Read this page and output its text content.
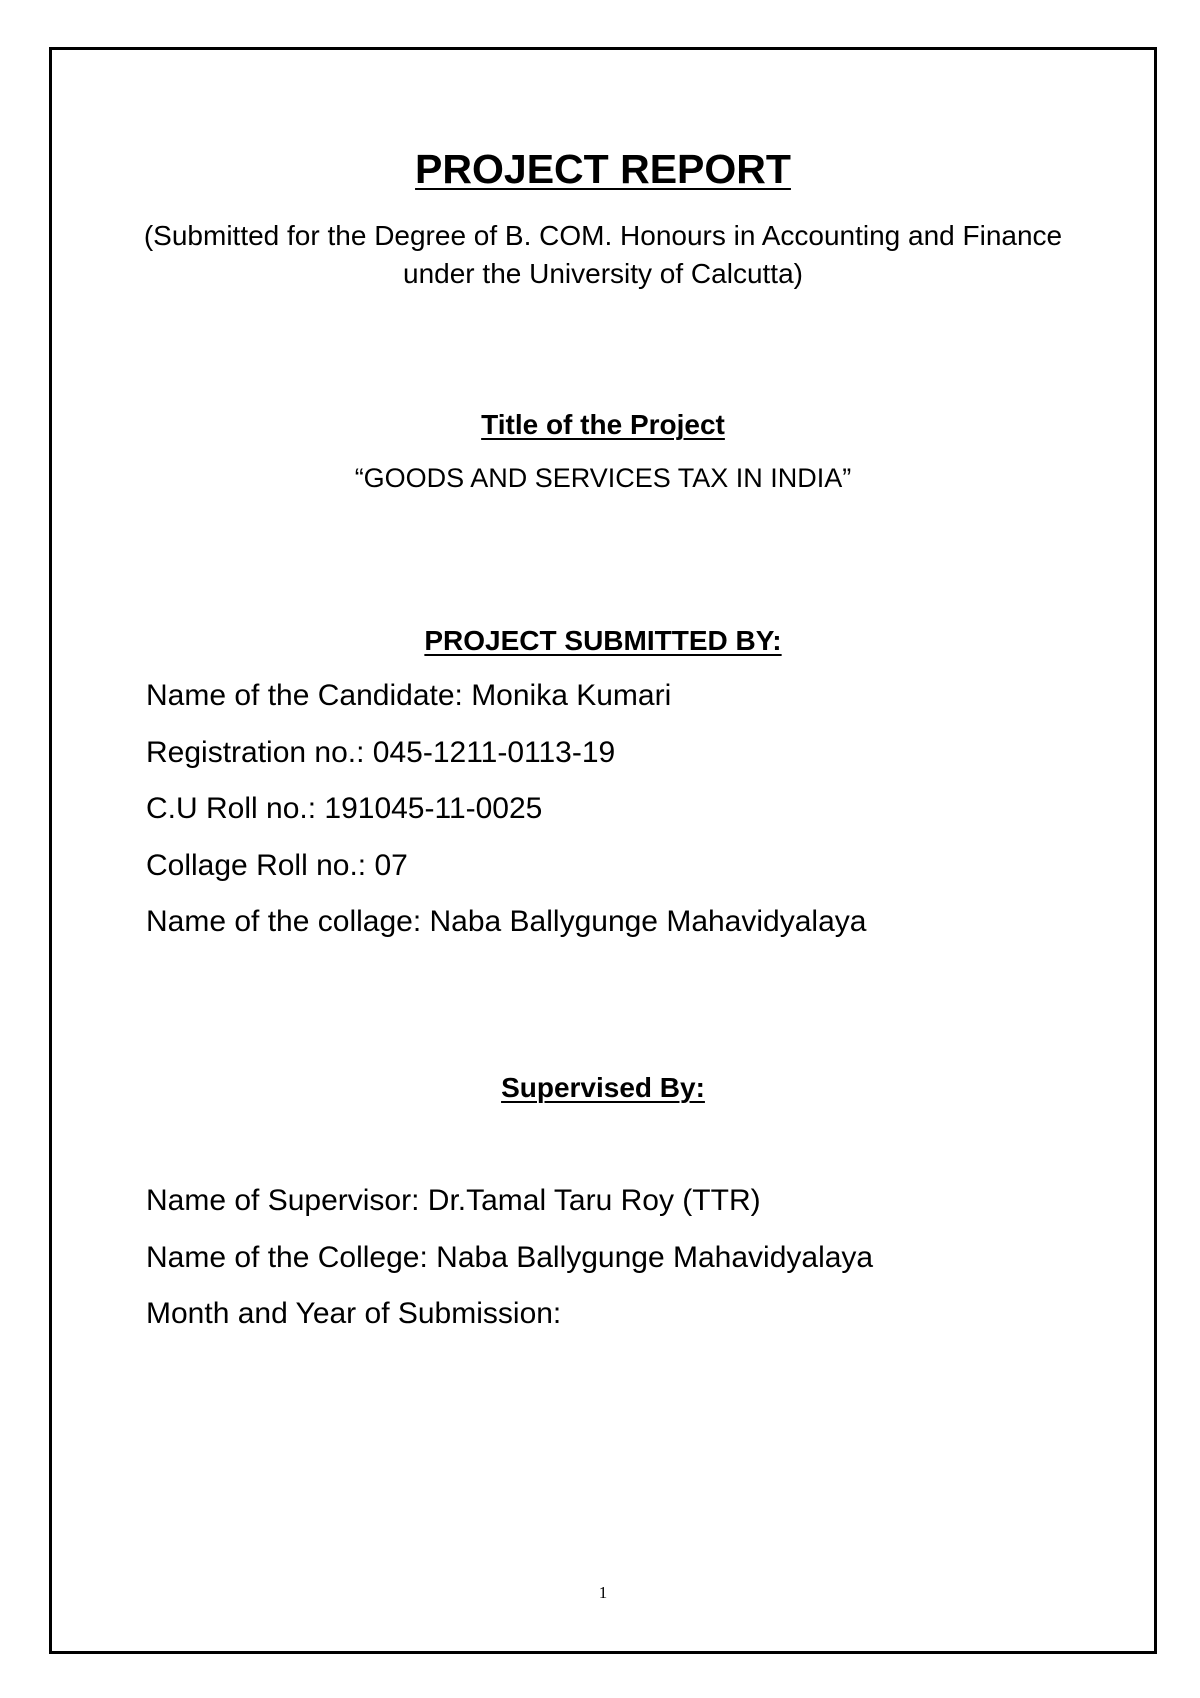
PROJECT REPORT

(Submitted for the Degree of B. COM. Honours in Accounting and Finance under the University of Calcutta)

Title of the Project

“GOODS AND SERVICES TAX IN INDIA”

PROJECT SUBMITTED BY:
Name of the Candidate: Monika Kumari
Registration no.: 045-1211-0113-19
C.U Roll no.: 191045-11-0025
Collage Roll no.: 07
Name of the collage: Naba Ballygunge Mahavidyalaya
Supervised By:
Name of Supervisor: Dr.Tamal Taru Roy (TTR)
Name of the College: Naba Ballygunge Mahavidyalaya
Month and Year of Submission:
1
